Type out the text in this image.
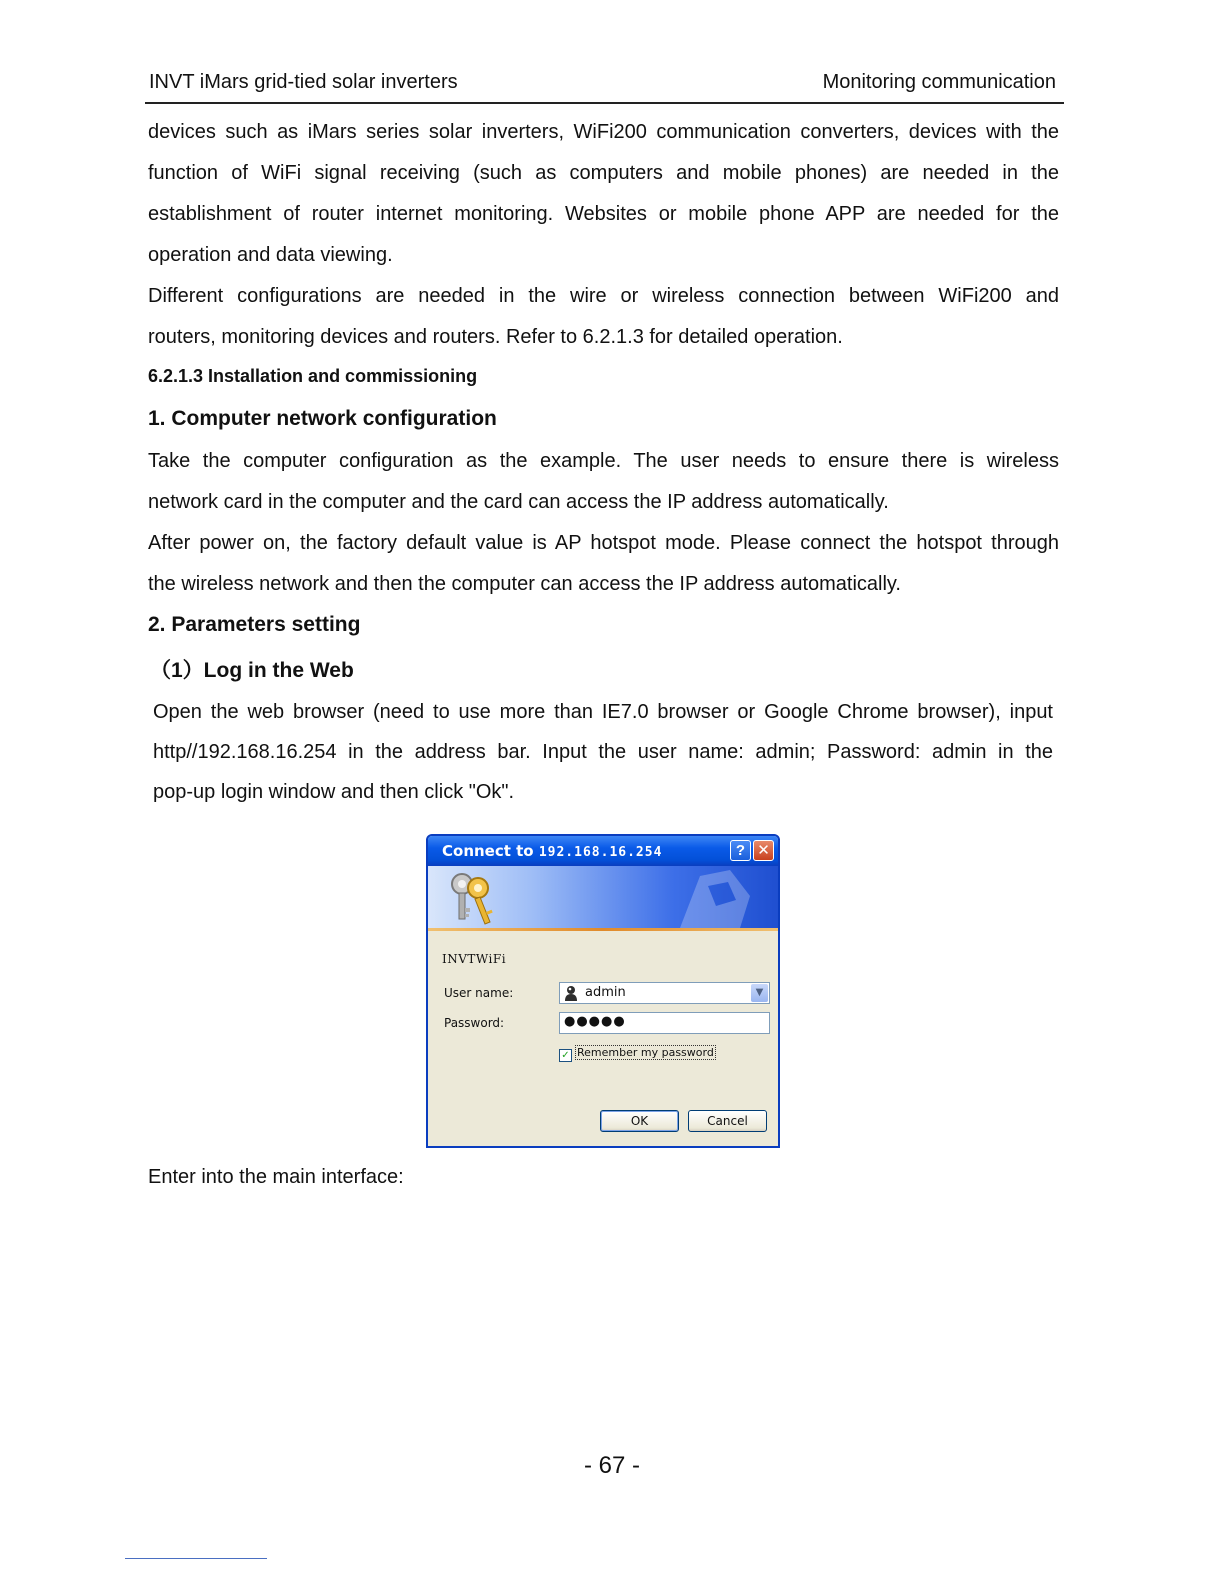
INVT iMars grid-tied solar inverters	Monitoring communication
devices such as iMars series solar inverters, WiFi200 communication converters, devices with the
function of WiFi signal receiving (such as computers and mobile phones) are needed in the
establishment of router internet monitoring. Websites or mobile phone APP are needed for the
operation and data viewing.
Different configurations are needed in the wire or wireless connection between WiFi200 and
routers, monitoring devices and routers. Refer to 6.2.1.3 for detailed operation.
6.2.1.3 Installation and commissioning
1. Computer network configuration
Take the computer configuration as the example. The user needs to ensure there is wireless
network card in the computer and the card can access the IP address automatically.
After power on, the factory default value is AP hotspot mode. Please connect the hotspot through
the wireless network and then the computer can access the IP address automatically.
2. Parameters setting
（1）Log in the Web
Open the web browser (need to use more than IE7.0 browser or Google Chrome browser), input
http//192.168.16.254 in the address bar. Input the user name: admin; Password: admin in the
pop-up login window and then click "Ok".
Connect to 192.168.16.254	? ✕
INVTWiFi
User name:	admin	▼
Password:	●●●●●
✓ Remember my password
OK	Cancel
Enter into the main interface:
- 67 -
